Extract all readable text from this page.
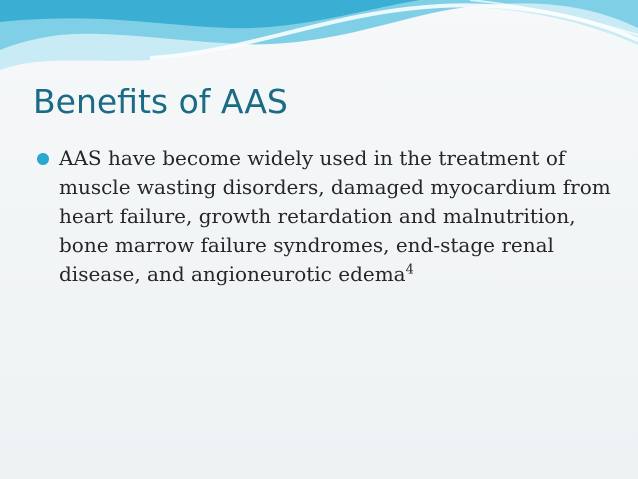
Benefits of AAS
AAS have become widely used in the treatment of muscle wasting disorders, damaged myocardium from heart failure, growth retardation and malnutrition, bone marrow failure syndromes, end-stage renal disease, and angioneurotic edema$^4$
